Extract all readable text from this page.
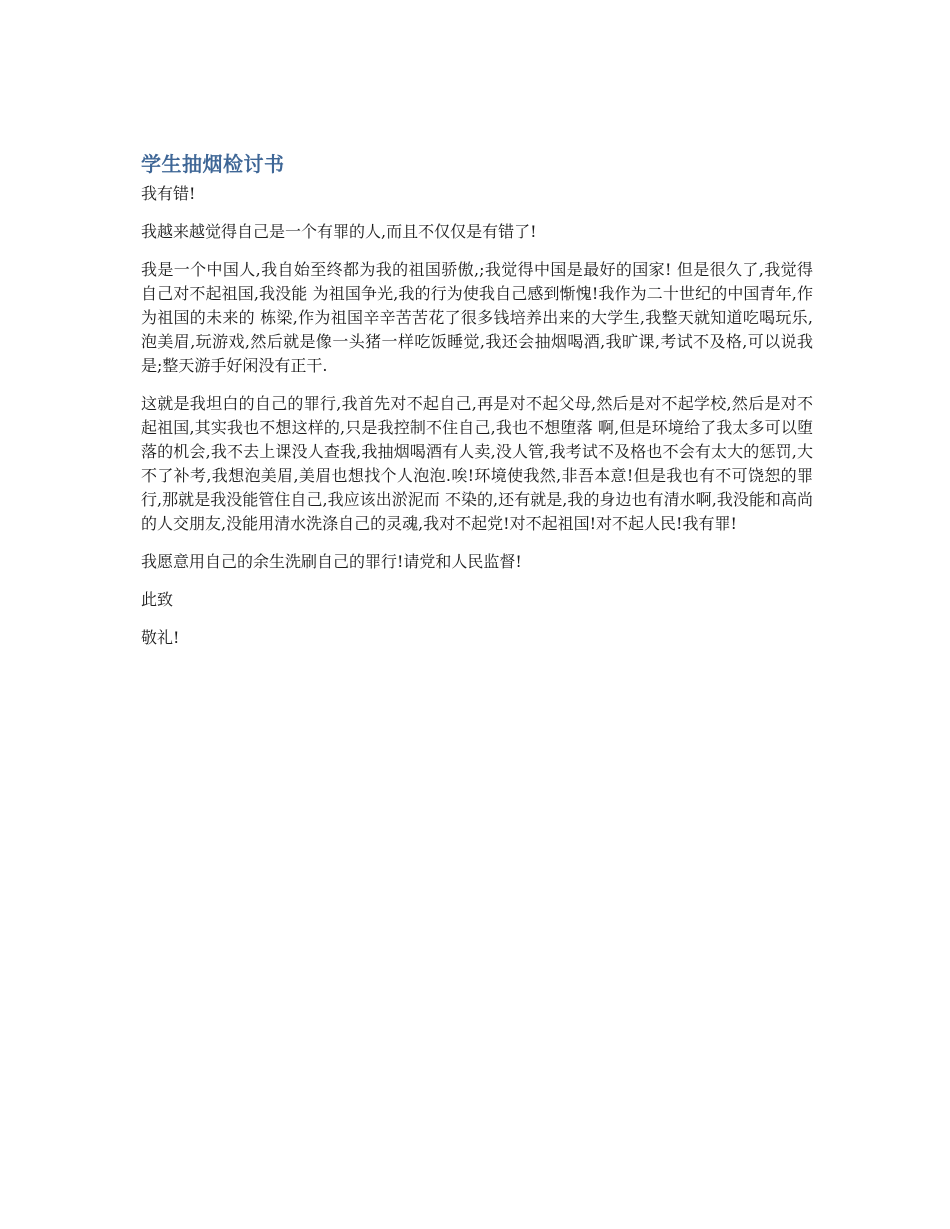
学生抽烟检讨书

我有错!

我越来越觉得自己是一个有罪的人,而且不仅仅是有错了!

我是一个中国人,我自始至终都为我的祖国骄傲,;我觉得中国是最好的国家! 但是很久了,我觉得自己对不起祖国,我没能 为祖国争光,我的行为使我自己感到惭愧!我作为二十世纪的中国青年,作为祖国的未来的 栋梁,作为祖国辛辛苦苦花了很多钱培养出来的大学生,我整天就知道吃喝玩乐,泡美眉,玩游戏,然后就是像一头猪一样吃饭睡觉,我还会抽烟喝酒,我旷课,考试不及格,可以说我是;整天游手好闲没有正干.

这就是我坦白的自己的罪行,我首先对不起自己,再是对不起父母,然后是对不起学校,然后是对不起祖国,其实我也不想这样的,只是我控制不住自己,我也不想堕落 啊,但是环境给了我太多可以堕落的机会,我不去上课没人查我,我抽烟喝酒有人卖,没人管,我考试不及格也不会有太大的惩罚,大不了补考,我想泡美眉,美眉也想找个人泡泡.唉!环境使我然,非吾本意!但是我也有不可饶恕的罪行,那就是我没能管住自己,我应该出淤泥而 不染的,还有就是,我的身边也有清水啊,我没能和高尚的人交朋友,没能用清水洗涤自己的灵魂,我对不起党!对不起祖国!对不起人民!我有罪!

我愿意用自己的余生洗刷自己的罪行!请党和人民监督!

此致

敬礼!
